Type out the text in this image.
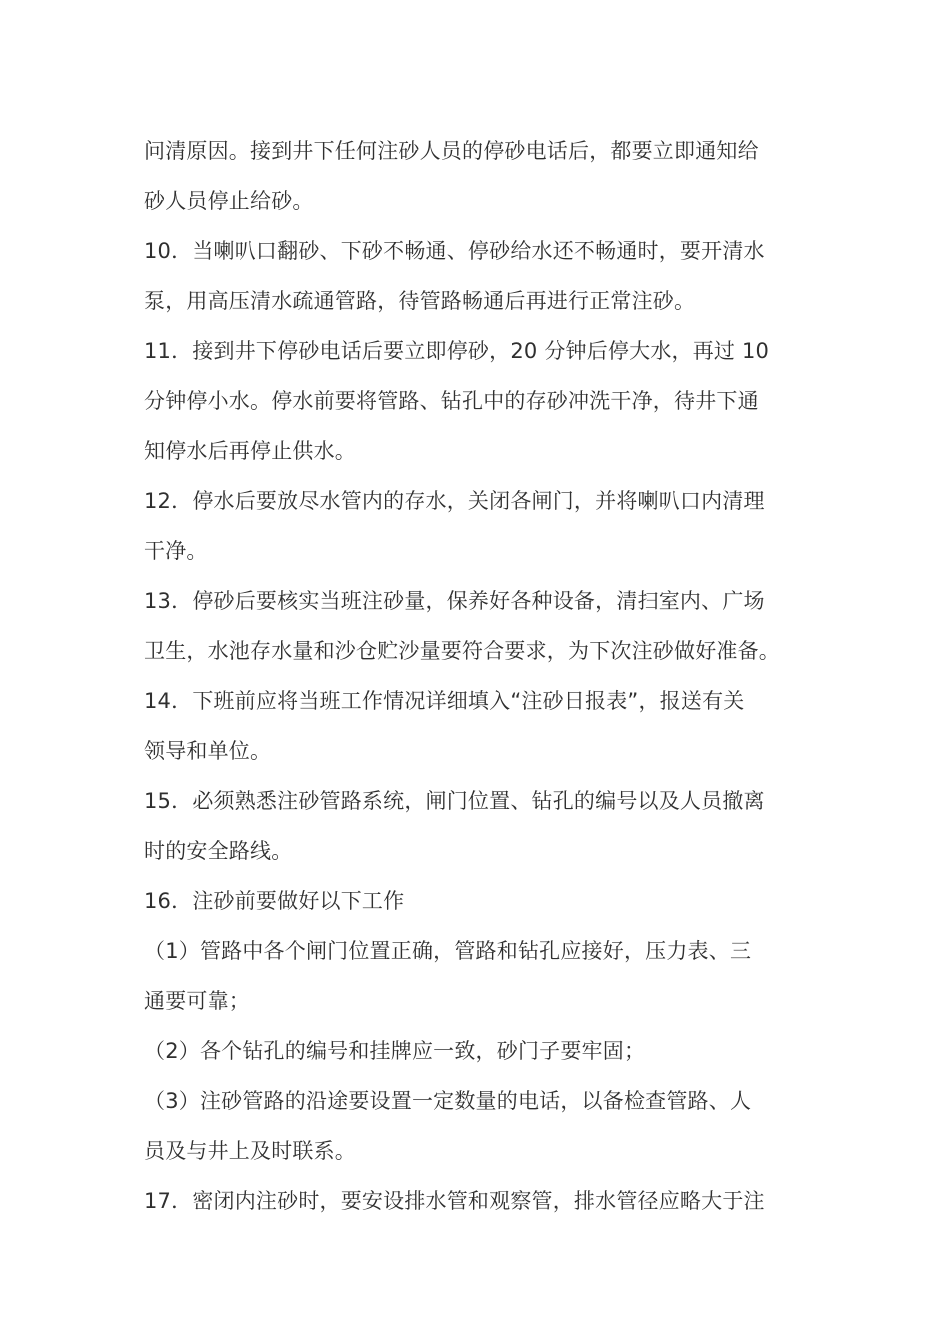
问清原因。接到井下任何注砂人员的停砂电话后，都要立即通知给
砂人员停止给砂。
10．当喇叭口翻砂、下砂不畅通、停砂给水还不畅通时，要开清水
泵，用高压清水疏通管路，待管路畅通后再进行正常注砂。
11．接到井下停砂电话后要立即停砂，20 分钟后停大水，再过 10
分钟停小水。停水前要将管路、钻孔中的存砂冲洗干净，待井下通
知停水后再停止供水。
12．停水后要放尽水管内的存水，关闭各闸门，并将喇叭口内清理
干净。
13．停砂后要核实当班注砂量，保养好各种设备，清扫室内、广场
卫生，水池存水量和沙仓贮沙量要符合要求，为下次注砂做好准备。
14．下班前应将当班工作情况详细填入“注砂日报表”，报送有关
领导和单位。
15．必须熟悉注砂管路系统，闸门位置、钻孔的编号以及人员撤离
时的安全路线。
16．注砂前要做好以下工作
（1）管路中各个闸门位置正确，管路和钻孔应接好，压力表、三
通要可靠；
（2）各个钻孔的编号和挂牌应一致，砂门子要牢固；
（3）注砂管路的沿途要设置一定数量的电话，以备检查管路、人
员及与井上及时联系。
17．密闭内注砂时，要安设排水管和观察管，排水管径应略大于注
